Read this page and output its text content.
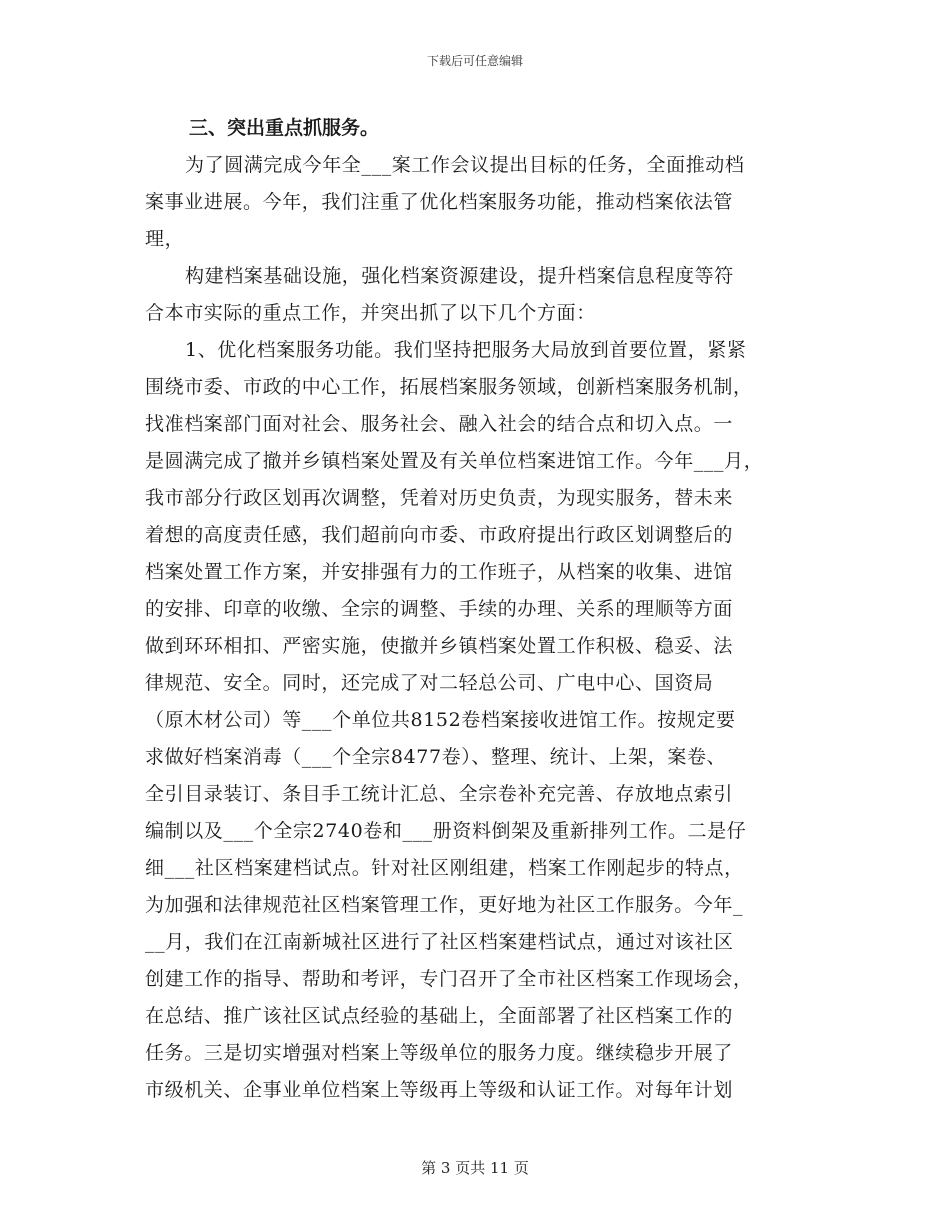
下载后可任意编辑

三、突出重点抓服务。

为了圆满完成今年全___案工作会议提出目标的任务，全面推动档

案事业进展。今年，我们注重了优化档案服务功能，推动档案依法管

理，

构建档案基础设施，强化档案资源建设，提升档案信息程度等符

合本市实际的重点工作，并突出抓了以下几个方面：

1、优化档案服务功能。我们坚持把服务大局放到首要位置，紧紧

围绕市委、市政的中心工作，拓展档案服务领域，创新档案服务机制，

找准档案部门面对社会、服务社会、融入社会的结合点和切入点。一

是圆满完成了撤并乡镇档案处置及有关单位档案进馆工作。今年___月，

我市部分行政区划再次调整，凭着对历史负责，为现实服务，替未来

着想的高度责任感，我们超前向市委、市政府提出行政区划调整后的

档案处置工作方案，并安排强有力的工作班子，从档案的收集、进馆

的安排、印章的收缴、全宗的调整、手续的办理、关系的理顺等方面

做到环环相扣、严密实施，使撤并乡镇档案处置工作积极、稳妥、法

律规范、安全。同时，还完成了对二轻总公司、广电中心、国资局

（原木材公司）等___个单位共8152卷档案接收进馆工作。按规定要

求做好档案消毒（___个全宗8477卷）、整理、统计、上架，案卷、

全引目录装订、条目手工统计汇总、全宗卷补充完善、存放地点索引

编制以及___个全宗2740卷和___册资料倒架及重新排列工作。二是仔

细___社区档案建档试点。针对社区刚组建，档案工作刚起步的特点，

为加强和法律规范社区档案管理工作，更好地为社区工作服务。今年_

__月，我们在江南新城社区进行了社区档案建档试点，通过对该社区

创建工作的指导、帮助和考评，专门召开了全市社区档案工作现场会，

在总结、推广该社区试点经验的基础上，全面部署了社区档案工作的

任务。三是切实增强对档案上等级单位的服务力度。继续稳步开展了

市级机关、企事业单位档案上等级再上等级和认证工作。对每年计划

第 3 页共 11 页
